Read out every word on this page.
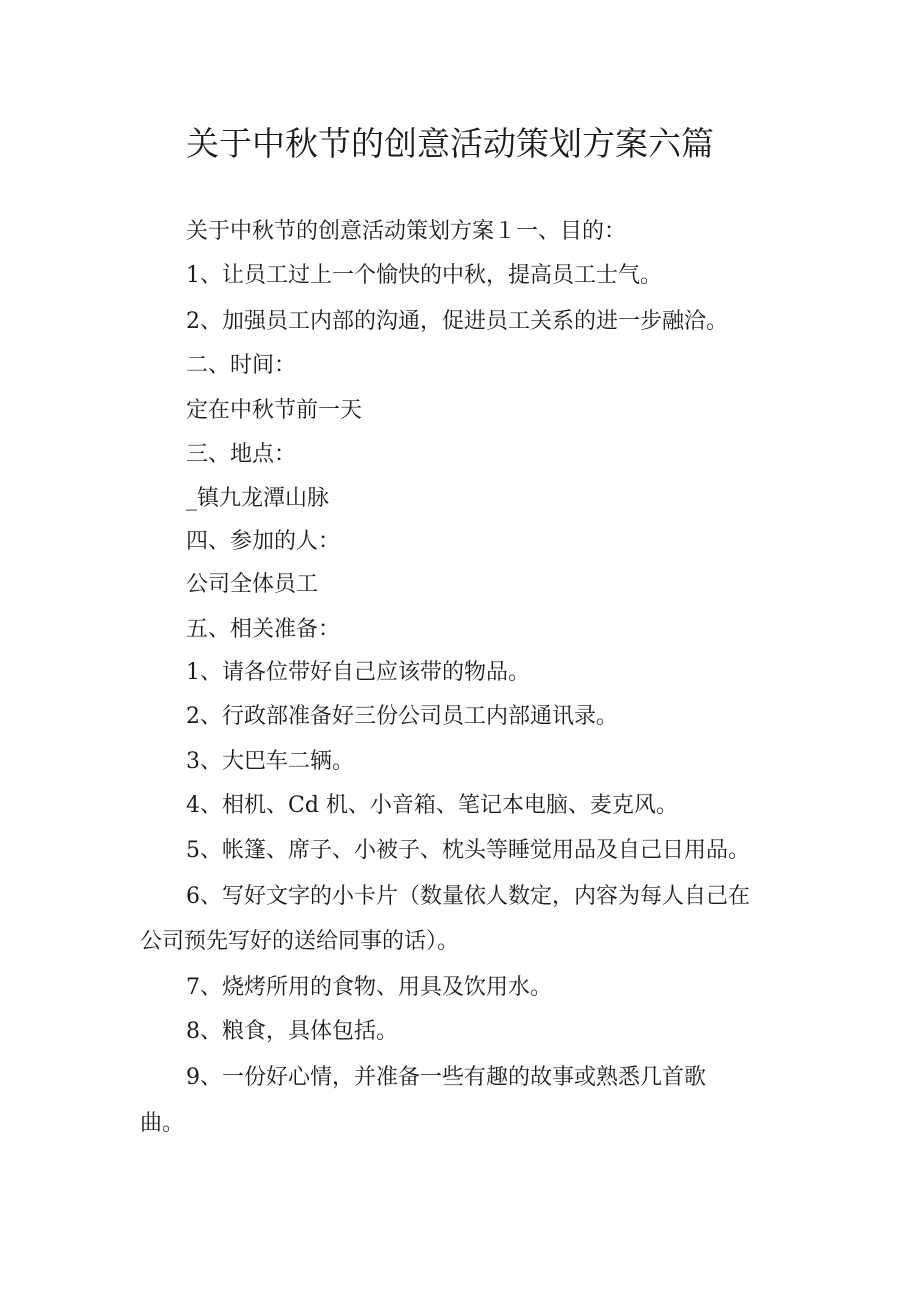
关于中秋节的创意活动策划方案六篇

关于中秋节的创意活动策划方案１一、目的：

1、让员工过上一个愉快的中秋，提高员工士气。

2、加强员工内部的沟通，促进员工关系的进一步融洽。

二、时间：

定在中秋节前一天

三、地点：

_镇九龙潭山脉

四、参加的人：

公司全体员工

五、相关准备：

1、请各位带好自己应该带的物品。

2、行政部准备好三份公司员工内部通讯录。

3、大巴车二辆。

4、相机、Cd 机、小音箱、笔记本电脑、麦克风。

5、帐篷、席子、小被子、枕头等睡觉用品及自己日用品。

6、写好文字的小卡片（数量依人数定，内容为每人自己在

公司预先写好的送给同事的话）。

7、烧烤所用的食物、用具及饮用水。

8、粮食，具体包括。

9、一份好心情，并准备一些有趣的故事或熟悉几首歌

曲。
